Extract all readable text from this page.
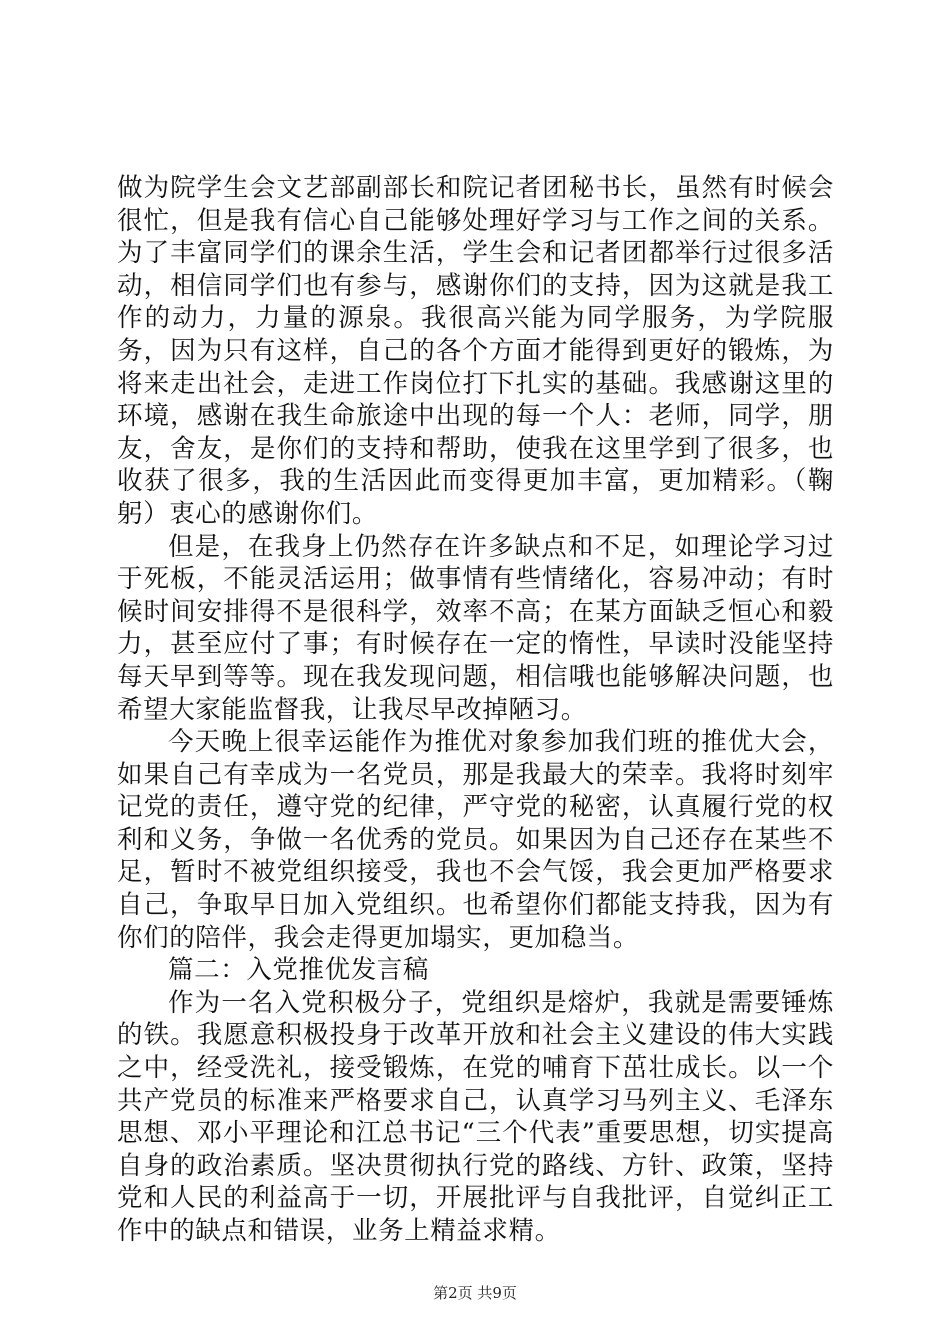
做为院学生会文艺部副部长和院记者团秘书长，虽然有时候会很忙，但是我有信心自己能够处理好学习与工作之间的关系。为了丰富同学们的课余生活，学生会和记者团都举行过很多活动，相信同学们也有参与，感谢你们的支持，因为这就是我工作的动力，力量的源泉。我很高兴能为同学服务，为学院服务，因为只有这样，自己的各个方面才能得到更好的锻炼，为将来走出社会，走进工作岗位打下扎实的基础。我感谢这里的环境，感谢在我生命旅途中出现的每一个人：老师，同学，朋友，舍友，是你们的支持和帮助，使我在这里学到了很多，也收获了很多，我的生活因此而变得更加丰富，更加精彩。（鞠躬）衷心的感谢你们。

但是，在我身上仍然存在许多缺点和不足，如理论学习过于死板，不能灵活运用；做事情有些情绪化，容易冲动；有时候时间安排得不是很科学，效率不高；在某方面缺乏恒心和毅力，甚至应付了事；有时候存在一定的惰性，早读时没能坚持每天早到等等。现在我发现问题，相信哦也能够解决问题，也希望大家能监督我，让我尽早改掉陋习。

今天晚上很幸运能作为推优对象参加我们班的推优大会，如果自己有幸成为一名党员，那是我最大的荣幸。我将时刻牢记党的责任，遵守党的纪律，严守党的秘密，认真履行党的权利和义务，争做一名优秀的党员。如果因为自己还存在某些不足，暂时不被党组织接受，我也不会气馁，我会更加严格要求自己，争取早日加入党组织。也希望你们都能支持我，因为有你们的陪伴，我会走得更加塌实，更加稳当。

篇二：入党推优发言稿

作为一名入党积极分子，党组织是熔炉，我就是需要锤炼的铁。我愿意积极投身于改革开放和社会主义建设的伟大实践之中，经受洗礼，接受锻炼，在党的哺育下茁壮成长。以一个共产党员的标准来严格要求自己，认真学习马列主义、毛泽东思想、邓小平理论和江总书记“三个代表”重要思想，切实提高自身的政治素质。坚决贯彻执行党的路线、方针、政策，坚持党和人民的利益高于一切，开展批评与自我批评，自觉纠正工作中的缺点和错误，业务上精益求精。

第2页 共9页
